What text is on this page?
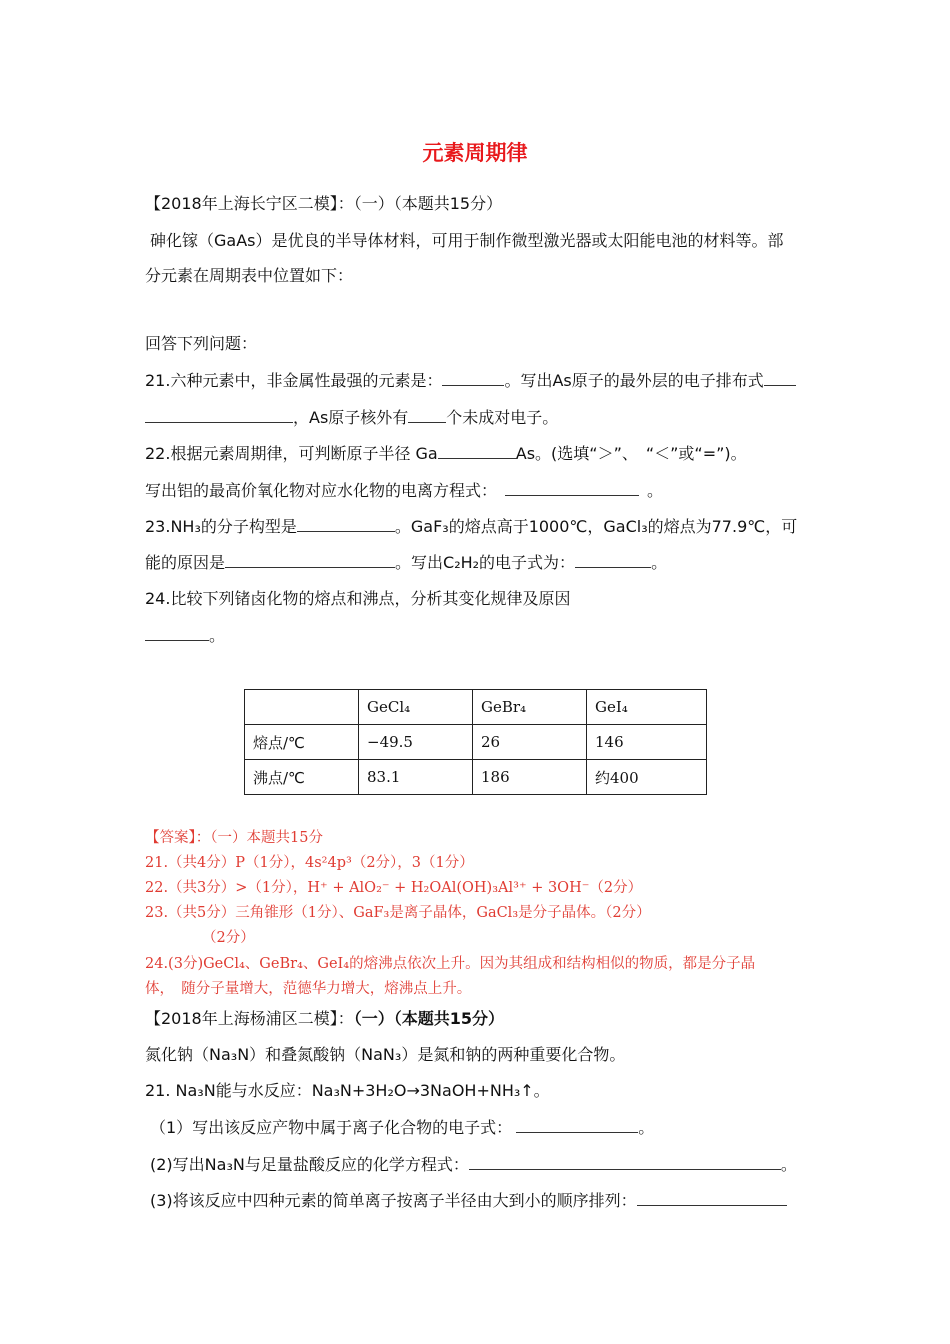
元素周期律
【2018年上海长宁区二模】：（一）（本题共15分）
砷化镓（GaAs）是优良的半导体材料，可用于制作微型激光器或太阳能电池的材料等。部
分元素在周期表中位置如下：
回答下列问题：
21.六种元素中，非金属性最强的元素是：	。写出As原子的最外层的电子排布式
，As原子核外有 个未成对电子。
22.根据元素周期律，可判断原子半径 Ga	As。(选填“＞”、　“＜”或“=”)。
写出铝的最高价氧化物对应水化物的电离方程式：	。
23.NH₃的分子构型是	。GaF₃的熔点高于1000℃，GaCl₃的熔点为77.9℃，可
能的原因是	。写出C₂H₂的电子式为：	。
24.比较下列锗卤化物的熔点和沸点，分析其变化规律及原因
。
	GeCl₄	GeBr₄	GeI₄
熔点/℃	−49.5	26	146
沸点/℃	83.1	186	约400
【答案】：（一）本题共15分
21.（共4分）P（1分），4s²4p³（2分），3（1分）
22.（共3分）>（1分），H⁺ + AlO₂⁻ + H₂OAl(OH)₃Al³⁺ + 3OH⁻（2分）
23.（共5分）三角锥形（1分）、GaF₃是离子晶体，GaCl₃是分子晶体。（2分）
（2分）
24.(3分)GeCl₄、GeBr₄、GeI₄的熔沸点依次上升。因为其组成和结构相似的物质，都是分子晶
体，　随分子量增大，范德华力增大，熔沸点上升。
【2018年上海杨浦区二模】：（一）（本题共15分）
氮化钠（Na₃N）和叠氮酸钠（NaN₃）是氮和钠的两种重要化合物。
21. Na₃N能与水反应：Na₃N+3H₂O→3NaOH+NH₃↑。
（1）写出该反应产物中属于离子化合物的电子式：	。
(2)写出Na₃N与足量盐酸反应的化学方程式：	。
(3)将该反应中四种元素的简单离子按离子半径由大到小的顺序排列：
